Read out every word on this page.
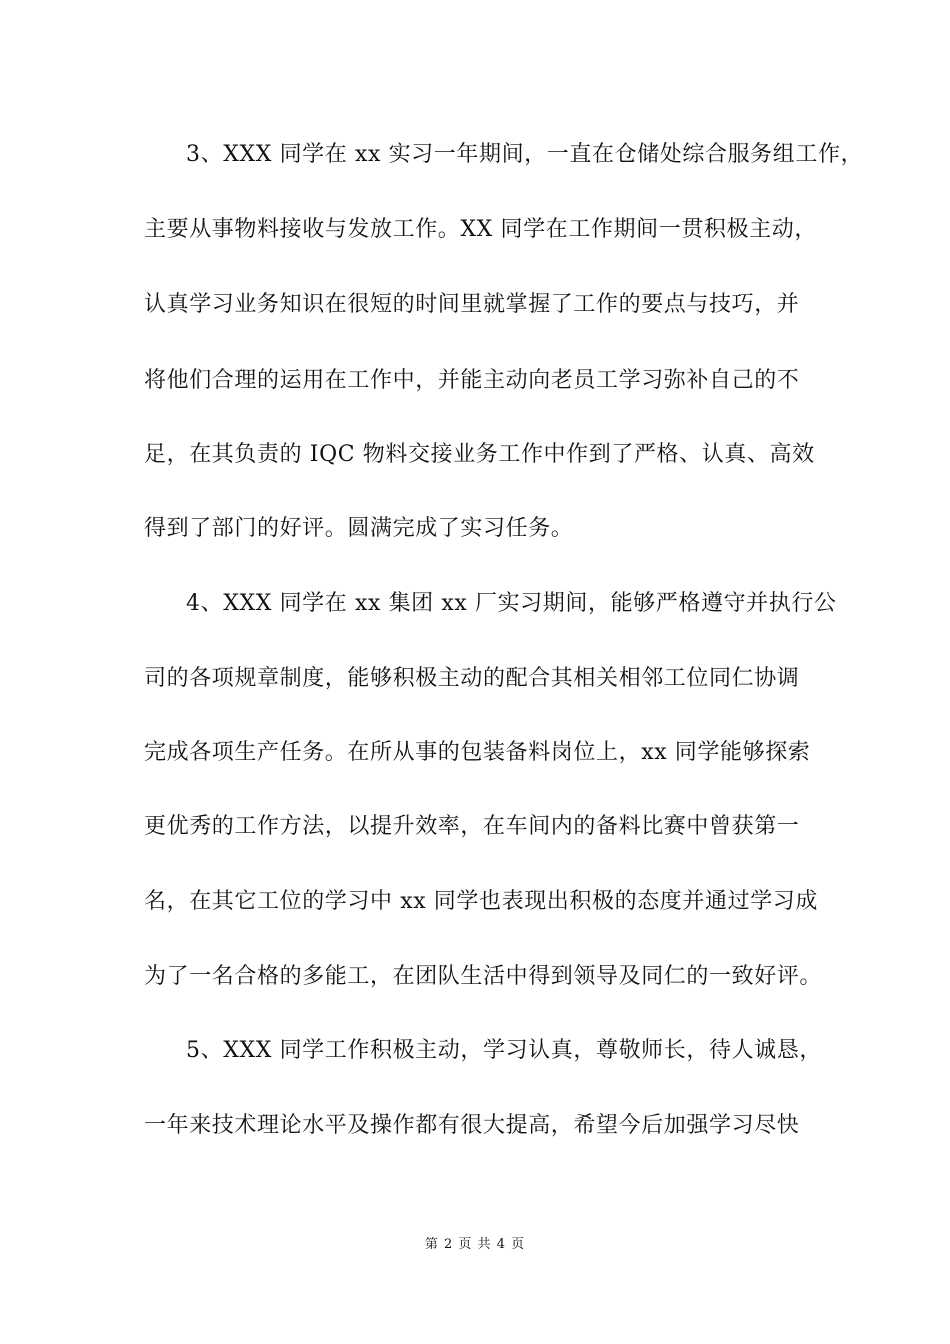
3、XXX 同学在 xx 实习一年期间，一直在仓储处综合服务组工作，
主要从事物料接收与发放工作。XX 同学在工作期间一贯积极主动，
认真学习业务知识在很短的时间里就掌握了工作的要点与技巧，并
将他们合理的运用在工作中，并能主动向老员工学习弥补自己的不
足，在其负责的 IQC 物料交接业务工作中作到了严格、认真、高效
得到了部门的好评。圆满完成了实习任务。
4、XXX 同学在 xx 集团 xx 厂实习期间，能够严格遵守并执行公
司的各项规章制度，能够积极主动的配合其相关相邻工位同仁协调
完成各项生产任务。在所从事的包装备料岗位上，xx 同学能够探索
更优秀的工作方法，以提升效率，在车间内的备料比赛中曾获第一
名，在其它工位的学习中 xx 同学也表现出积极的态度并通过学习成
为了一名合格的多能工，在团队生活中得到领导及同仁的一致好评。
5、XXX 同学工作积极主动，学习认真，尊敬师长，待人诚恳，
一年来技术理论水平及操作都有很大提高，希望今后加强学习尽快
第 2 页 共 4 页
